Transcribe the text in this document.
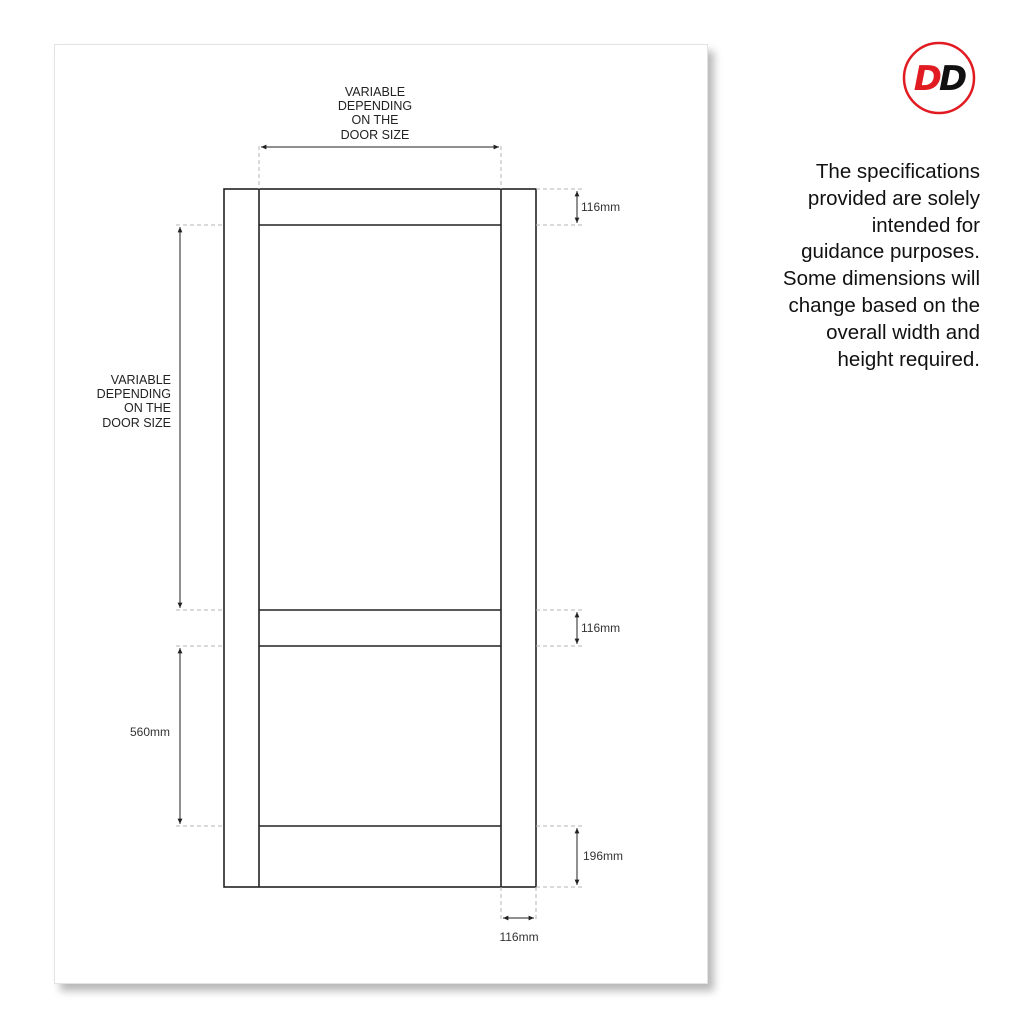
VARIABLE
DEPENDING
ON THE
DOOR SIZE
VARIABLE
DEPENDING
ON THE
DOOR SIZE
116mm
116mm
560mm
196mm
116mm
DD

The specifications
provided are solely
intended for
guidance purposes.
Some dimensions will
change based on the
overall width and
height required.
